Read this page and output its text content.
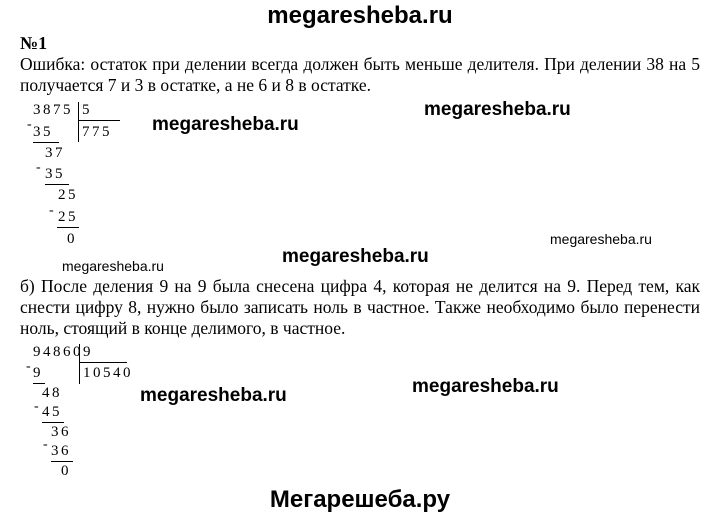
megaresheba.ru
№1
Ошибка: остаток при делении всегда должен быть меньше делителя. При делении 38 на 5 получается 7 и 3 в остатке, а не 6 и 8 в остатке.
3875 5
775
- 35
37
- 35
25
- 25
0
megaresheba.ru
megaresheba.ru
megaresheba.ru
megaresheba.ru
megaresheba.ru
б) После деления 9 на 9 была снесена цифра 4, которая не делится на 9. Перед тем, как снести цифру 8, нужно было записать ноль в частное. Также необходимо было перенести ноль, стоящий в конце делимого, в частное.
94860 9
10540
- 9
48
- 45
36
- 36
0
megaresheba.ru	megaresheba.ru
Мегарешеба.ру
